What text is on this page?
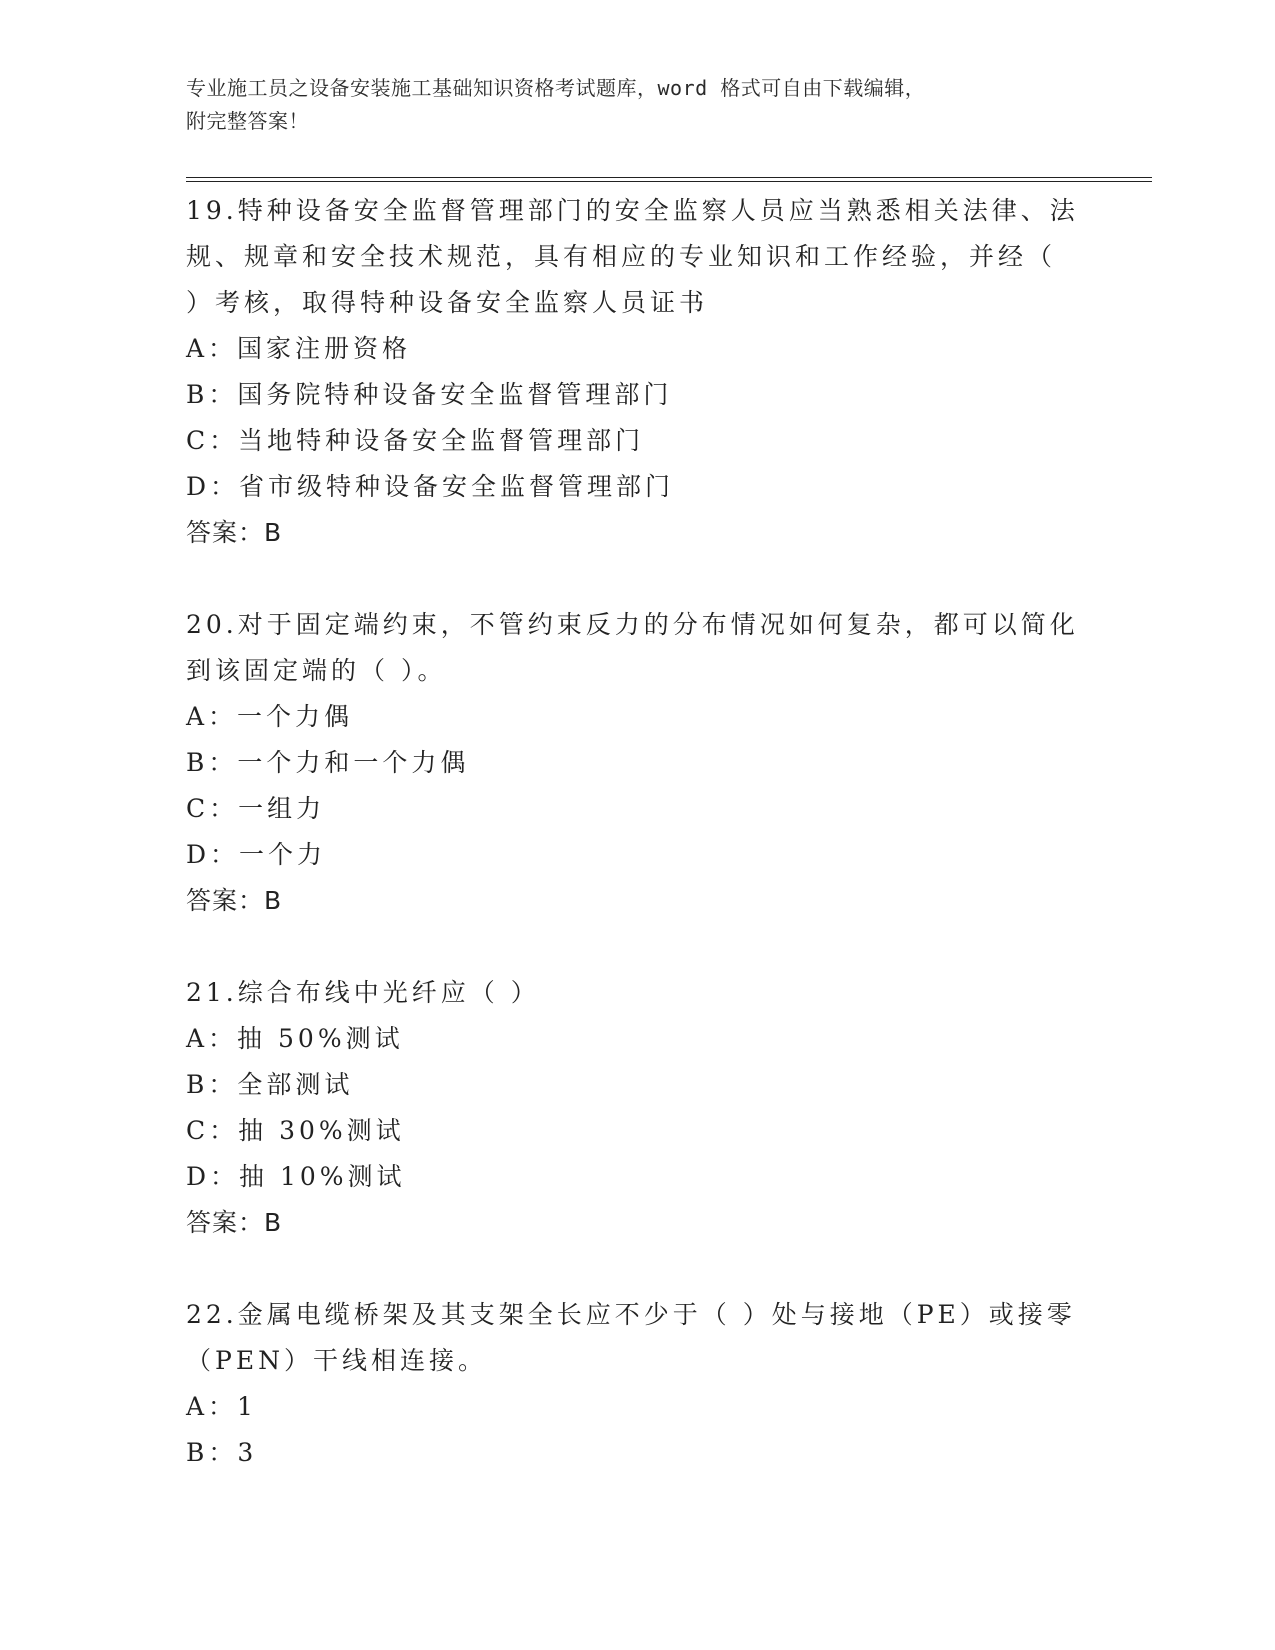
专业施工员之设备安装施工基础知识资格考试题库，word 格式可自由下载编辑，
附完整答案！
19.特种设备安全监督管理部门的安全监察人员应当熟悉相关法律、法
规、规章和安全技术规范，具有相应的专业知识和工作经验，并经（
）考核，取得特种设备安全监察人员证书
A：国家注册资格
B：国务院特种设备安全监督管理部门
C：当地特种设备安全监督管理部门
D：省市级特种设备安全监督管理部门
答案：B
20.对于固定端约束，不管约束反力的分布情况如何复杂，都可以简化
到该固定端的（ ）。
A：一个力偶
B：一个力和一个力偶
C：一组力
D：一个力
答案：B
21.综合布线中光纤应（ ）
A：抽 50%测试
B：全部测试
C：抽 30%测试
D：抽 10%测试
答案：B
22.金属电缆桥架及其支架全长应不少于（ ）处与接地（PE）或接零
（PEN）干线相连接。
A：1
B：3
